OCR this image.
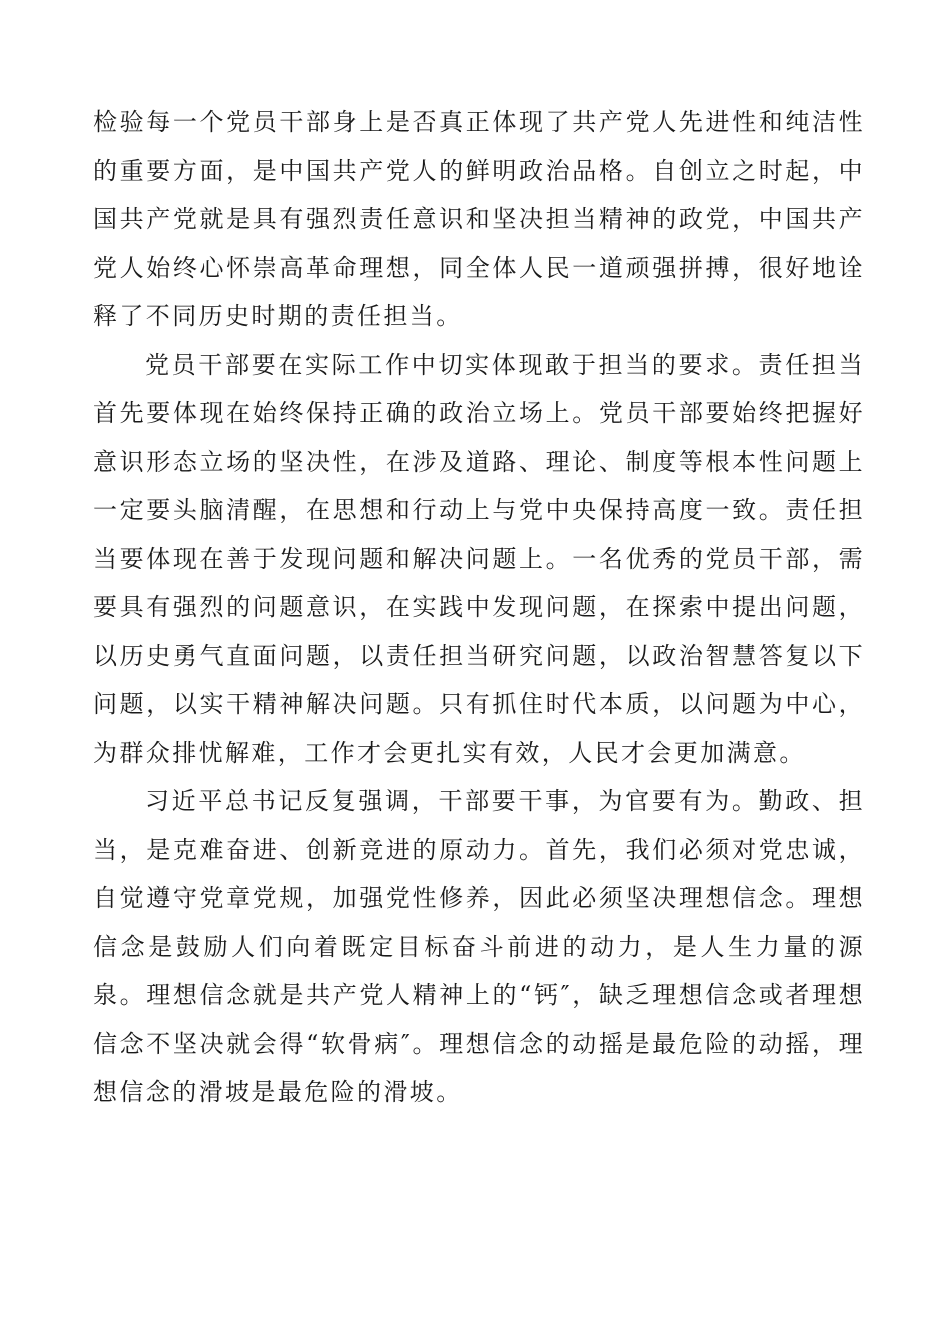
检验每一个党员干部身上是否真正体现了共产党人先进性和纯洁性的重要方面，是中国共产党人的鲜明政治品格。自创立之时起，中国共产党就是具有强烈责任意识和坚决担当精神的政党，中国共产党人始终心怀崇高革命理想，同全体人民一道顽强拼搏，很好地诠释了不同历史时期的责任担当。

党员干部要在实际工作中切实体现敢于担当的要求。责任担当首先要体现在始终保持正确的政治立场上。党员干部要始终把握好意识形态立场的坚决性，在涉及道路、理论、制度等根本性问题上一定要头脑清醒，在思想和行动上与党中央保持高度一致。责任担当要体现在善于发现问题和解决问题上。一名优秀的党员干部，需要具有强烈的问题意识，在实践中发现问题，在探索中提出问题，以历史勇气直面问题，以责任担当研究问题，以政治智慧答复以下问题，以实干精神解决问题。只有抓住时代本质，以问题为中心，为群众排忧解难，工作才会更扎实有效，人民才会更加满意。

习近平总书记反复强调，干部要干事，为官要有为。勤政、担当，是克难奋进、创新竞进的原动力。首先，我们必须对党忠诚，自觉遵守党章党规，加强党性修养，因此必须坚决理想信念。理想信念是鼓励人们向着既定目标奋斗前进的动力，是人生力量的源泉。理想信念就是共产党人精神上的“钙″，缺乏理想信念或者理想信念不坚决就会得“软骨病″。理想信念的动摇是最危险的动摇，理想信念的滑坡是最危险的滑坡。
